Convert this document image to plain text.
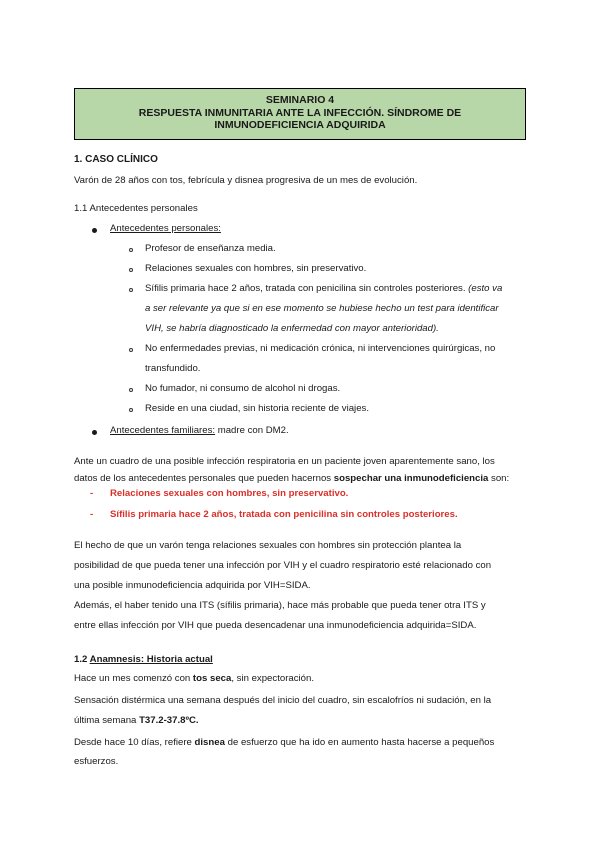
SEMINARIO 4
RESPUESTA INMUNITARIA ANTE LA INFECCIÓN. SÍNDROME DE
INMUNODEFICIENCIA ADQUIRIDA
1. CASO CLÍNICO
Varón de 28 años con tos, febrícula y disnea progresiva de un mes de evolución.
1.1 Antecedentes personales
Antecedentes personales:
Profesor de enseñanza media.
Relaciones sexuales con hombres, sin preservativo.
Sífilis primaria hace 2 años, tratada con penicilina sin controles posteriores. (esto va
a ser relevante ya que si en ese momento se hubiese hecho un test para identificar
VIH, se habría diagnosticado la enfermedad con mayor anterioridad).
No enfermedades previas, ni medicación crónica, ni intervenciones quirúrgicas, no
transfundido.
No fumador, ni consumo de alcohol ni drogas.
Reside en una ciudad, sin historia reciente de viajes.
Antecedentes familiares: madre con DM2.
Ante un cuadro de una posible infección respiratoria en un paciente joven aparentemente sano, los
datos de los antecedentes personales que pueden hacernos sospechar una inmunodeficiencia son:
- Relaciones sexuales con hombres, sin preservativo.
- Sífilis primaria hace 2 años, tratada con penicilina sin controles posteriores.
El hecho de que un varón tenga relaciones sexuales con hombres sin protección plantea la
posibilidad de que pueda tener una infección por VIH y el cuadro respiratorio esté relacionado con
una posible inmunodeficiencia adquirida por VIH=SIDA.
Además, el haber tenido una ITS (sífilis primaria), hace más probable que pueda tener otra ITS y
entre ellas infección por VIH que pueda desencadenar una inmunodeficiencia adquirida=SIDA.
1.2 Anamnesis: Historia actual
Hace un mes comenzó con tos seca, sin expectoración.
Sensación distérmica una semana después del inicio del cuadro, sin escalofríos ni sudación, en la
última semana T37.2-37.8ºC.
Desde hace 10 días, refiere disnea de esfuerzo que ha ido en aumento hasta hacerse a pequeños
esfuerzos.
